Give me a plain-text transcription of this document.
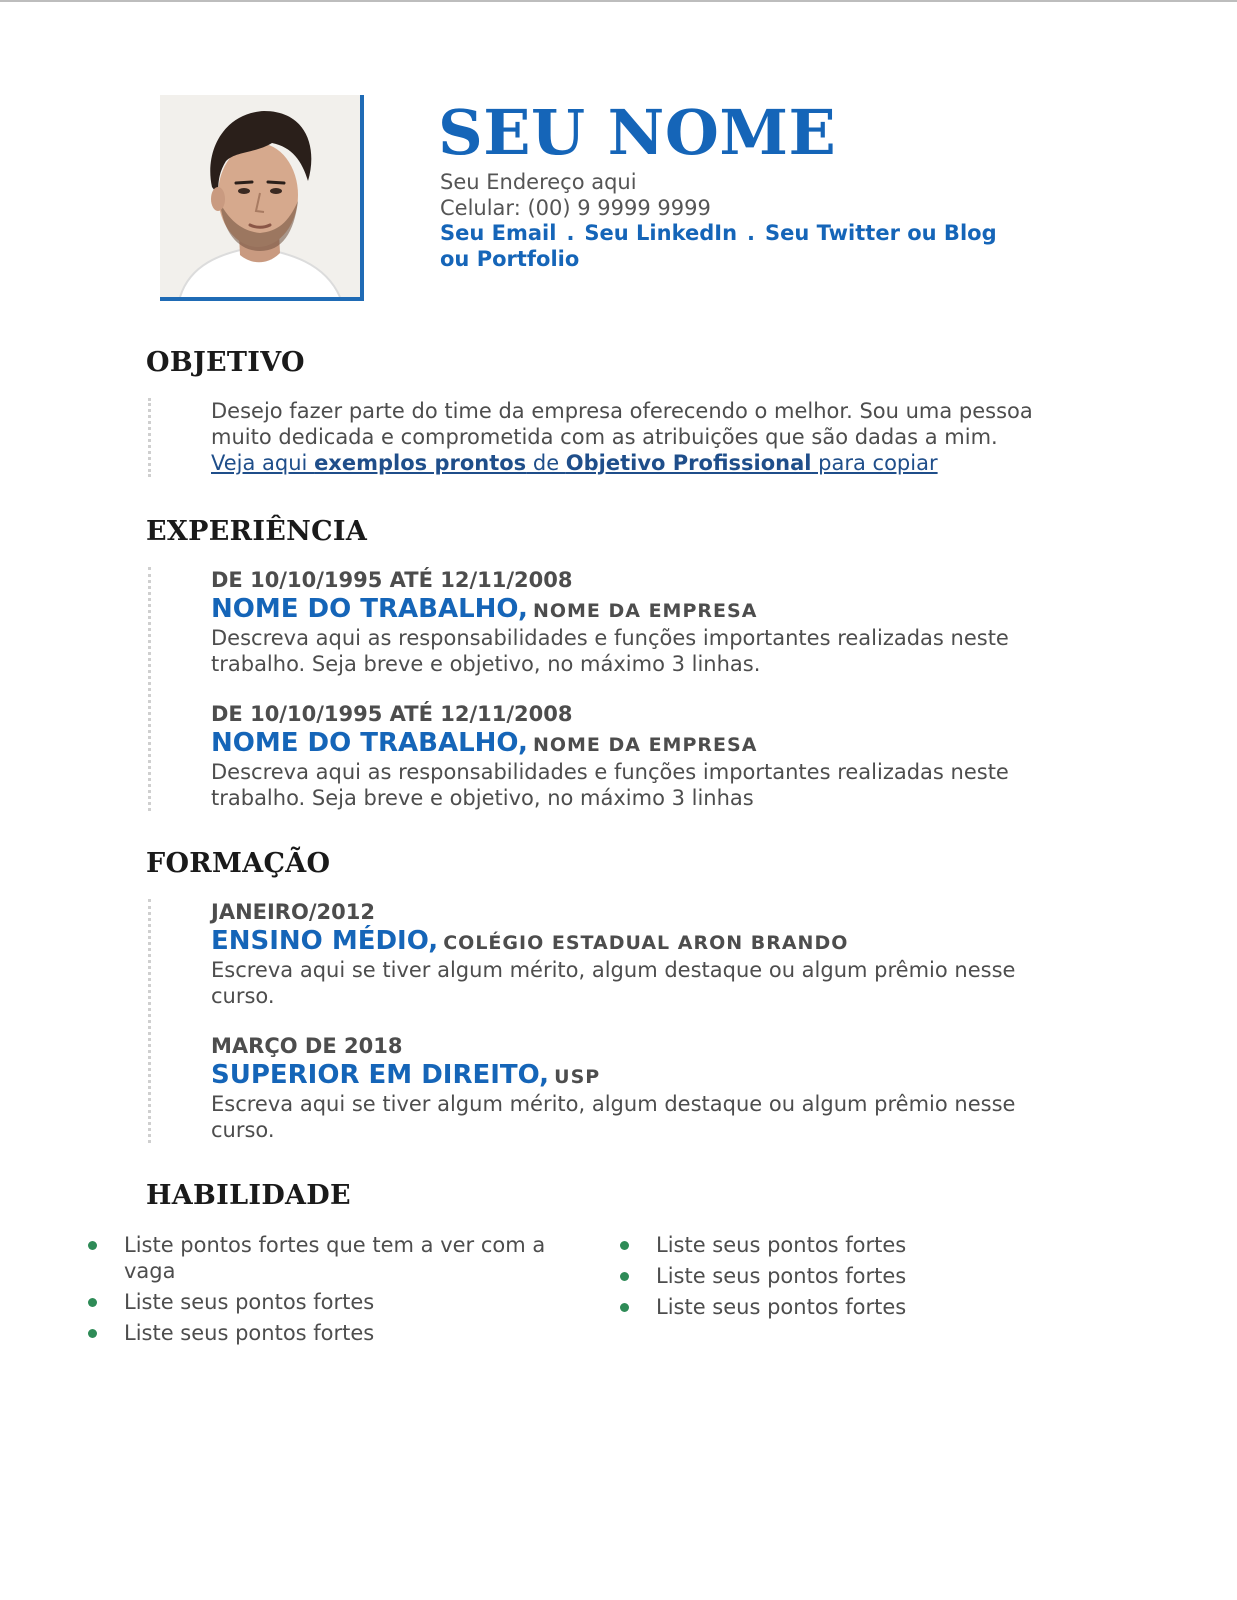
SEU NOME
Seu Endereço aqui
Celular: (00) 9 9999 9999
Seu Email . Seu LinkedIn . Seu Twitter ou Blog ou Portfolio
OBJETIVO

Desejo fazer parte do time da empresa oferecendo o melhor. Sou uma pessoa muito dedicada e comprometida com as atribuições que são dadas a mim.

Veja aqui exemplos prontos de Objetivo Profissional para copiar
EXPERIÊNCIA
DE 10/10/1995 ATÉ 12/11/2008
NOME DO TRABALHO, NOME DA EMPRESA
Descreva aqui as responsabilidades e funções importantes realizadas neste trabalho. Seja breve e objetivo, no máximo 3 linhas.
DE 10/10/1995 ATÉ 12/11/2008
NOME DO TRABALHO, NOME DA EMPRESA
Descreva aqui as responsabilidades e funções importantes realizadas neste trabalho. Seja breve e objetivo, no máximo 3 linhas
FORMAÇÃO
JANEIRO/2012
ENSINO MÉDIO, COLÉGIO ESTADUAL ARON BRANDO
Escreva aqui se tiver algum mérito, algum destaque ou algum prêmio nesse curso.
MARÇO DE 2018
SUPERIOR EM DIREITO, USP
Escreva aqui se tiver algum mérito, algum destaque ou algum prêmio nesse curso.
HABILIDADE
Liste pontos fortes que tem a ver com a vaga
Liste seus pontos fortes
Liste seus pontos fortes
Liste seus pontos fortes
Liste seus pontos fortes
Liste seus pontos fortes
